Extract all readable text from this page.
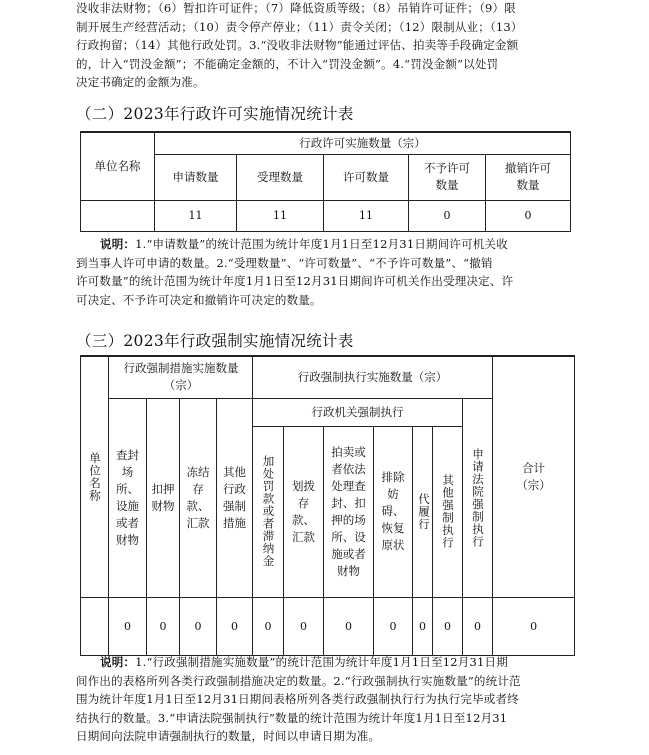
没收非法财物；（6）暂扣许可证件；（7）降低资质等级；（8）吊销许可证件；（9）限
制开展生产经营活动；（10）责令停产停业；（11）责令关闭；（12）限制从业；（13）
行政拘留；（14）其他行政处罚。3.“没收非法财物”能通过评估、拍卖等手段确定金额
的，计入“罚没金额”；不能确定金额的，不计入“罚没金额”。4.“罚没金额”以处罚
决定书确定的金额为准。
（二）2023年行政许可实施情况统计表
单位名称	行政许可实施数量（宗）				
	申请数量	受理数量	许可数量	不予许可数量	撤销许可数量
	11	11	11	0	0
说明：1.“申请数量”的统计范围为统计年度1月1日至12月31日期间许可机关收
到当事人许可申请的数量。2.“受理数量”、“许可数量”、“不予许可数量”、“撤销
许可数量”的统计范围为统计年度1月1日至12月31日期间许可机关作出受理决定、许
可决定、不予许可决定和撤销许可决定的数量。
（三）2023年行政强制实施情况统计表
单位名称	行政强制措施实施数量（宗）				行政强制执行实施数量（宗）							合计（宗）
	查封场所、设施或者财物	扣押财物	冻结存款、汇款	其他行政强制措施	行政机关强制执行						申请法院强制执行	

					加处罚款或者滞纳金	划拨存款、汇款	拍卖或者依法处理查封、扣押的场所、设施或者财物	排除妨碍、恢复原状	代履行	其他强制执行		

	0	0	0	0	0	0	0	0	0	0	0	0
说明：1.“行政强制措施实施数量”的统计范围为统计年度1月1日至12月31日期
间作出的表格所列各类行政强制措施决定的数量。2.“行政强制执行实施数量”的统计范
围为统计年度1月1日至12月31日期间表格所列各类行政强制执行行为执行完毕或者终
结执行的数量。3.“申请法院强制执行”数量的统计范围为统计年度1月1日至12月31
日期间向法院申请强制执行的数量，时间以申请日期为准。
